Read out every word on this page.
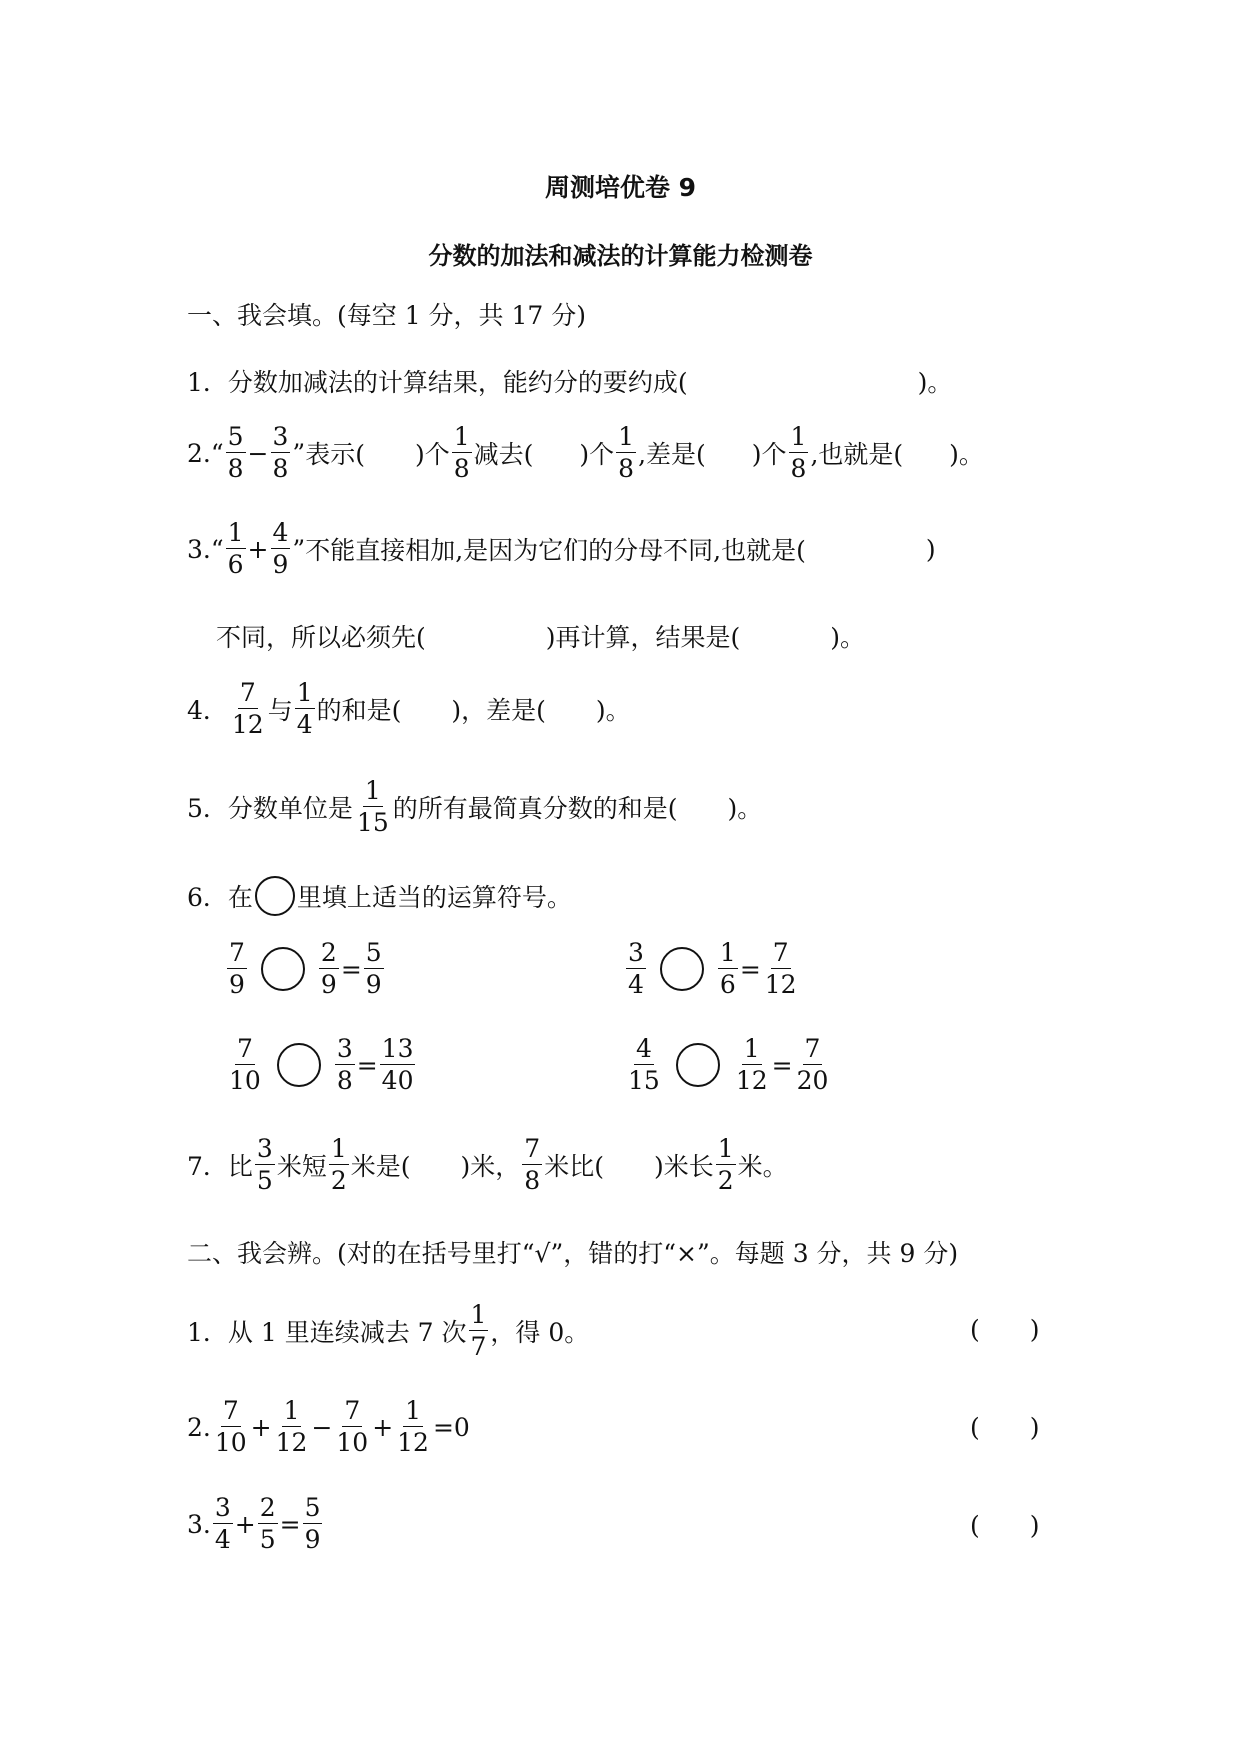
周测培优卷 9
分数的加法和减法的计算能力检测卷
一、我会填。(每空 1 分，共 17 分)
1． 分数加减法的计算结果，能约分的要约成(	)。
2. “ $\frac{5}{8} - \frac{3}{8}$ ” 表示( )个 $\frac{1}{8}$ 减去( )个 $\frac{1}{8}$ ,差是( )个 $\frac{1}{8}$ ,也就是( )。
3. “ $\frac{1}{6} + \frac{4}{9}$ ” 不能直接相加,是因为它们的分母不同,也就是(	)
不同，所以必须先(	)再计算，结果是(	)。
4． $\frac{7}{12}$ 与 $\frac{1}{4}$ 的和是( )，差是( )。
5． 分数单位是 $\frac{1}{15}$ 的所有最简真分数的和是( )。
6． 在 里填上适当的运算符号。
$\frac{7}{9}$	$\frac{2}{9} = \frac{5}{9}$	$\frac{3}{4}$	$\frac{1}{6} = \frac{7}{12}$
$\frac{7}{10}$	$\frac{3}{8} = \frac{13}{40}$	$\frac{4}{15}$	$\frac{1}{12} = \frac{7}{20}$
7． 比 $\frac{3}{5}$ 米短 $\frac{1}{2}$ 米是( )米， $\frac{7}{8}$ 米比( )米长 $\frac{1}{2}$ 米。
二、我会辨。(对的在括号里打“√”，错的打“×”。每题 3 分，共 9 分)
1． 从 1 里连续减去 7 次 $\frac{1}{7}$ ，得 0。	(　　)
2. $\frac{7}{10} + \frac{1}{12} - \frac{7}{10} + \frac{1}{12} =0$	(　　)
3. $\frac{3}{4} + \frac{2}{5} = \frac{5}{9}$	(　　)
